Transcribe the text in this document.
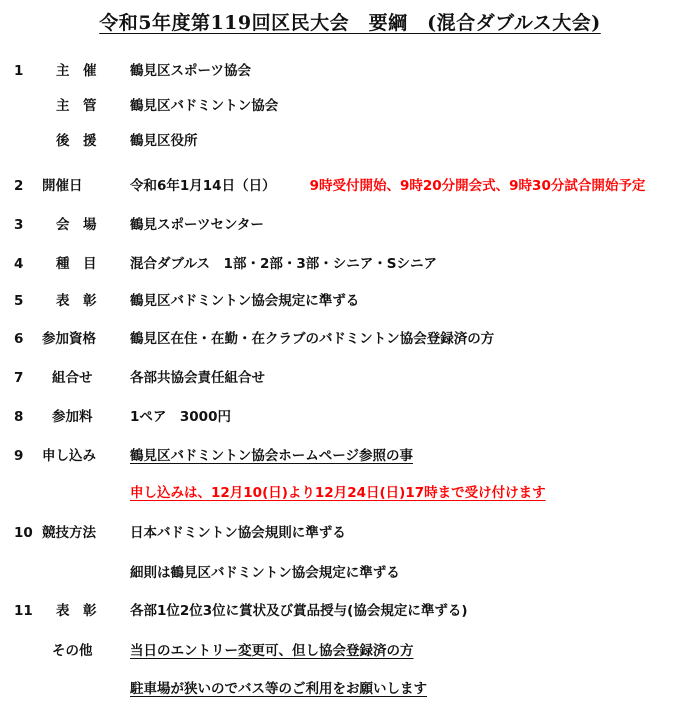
令和5年度第119回区民大会　要綱　(混合ダブルス大会)
1	主　催	鶴見区スポーツ協会
主　管	鶴見区バドミントン協会
後　援	鶴見区役所
2	開催日	令和6年1月14日（日）	9時受付開始、9時20分開会式、9時30分試合開始予定
3	会　場	鶴見スポーツセンター
4	種　目	混合ダブルス　1部・2部・3部・シニア・Sシニア
5	表　彰	鶴見区バドミントン協会規定に準ずる
6	参加資格	鶴見区在住・在勤・在クラブのバドミントン協会登録済の方
7	組合せ	各部共協会責任組合せ
8	参加料	1ペア　3000円
9	申し込み	鶴見区バドミントン協会ホームページ参照の事
申し込みは、12月10(日)より12月24日(日)17時まで受け付けます
10 競技方法	日本バドミントン協会規則に準ずる
細則は鶴見区バドミントン協会規定に準ずる
11 表　彰	各部1位2位3位に賞状及び賞品授与(協会規定に準ずる)
その他	当日のエントリー変更可、但し協会登録済の方
駐車場が狭いのでバス等のご利用をお願いします
